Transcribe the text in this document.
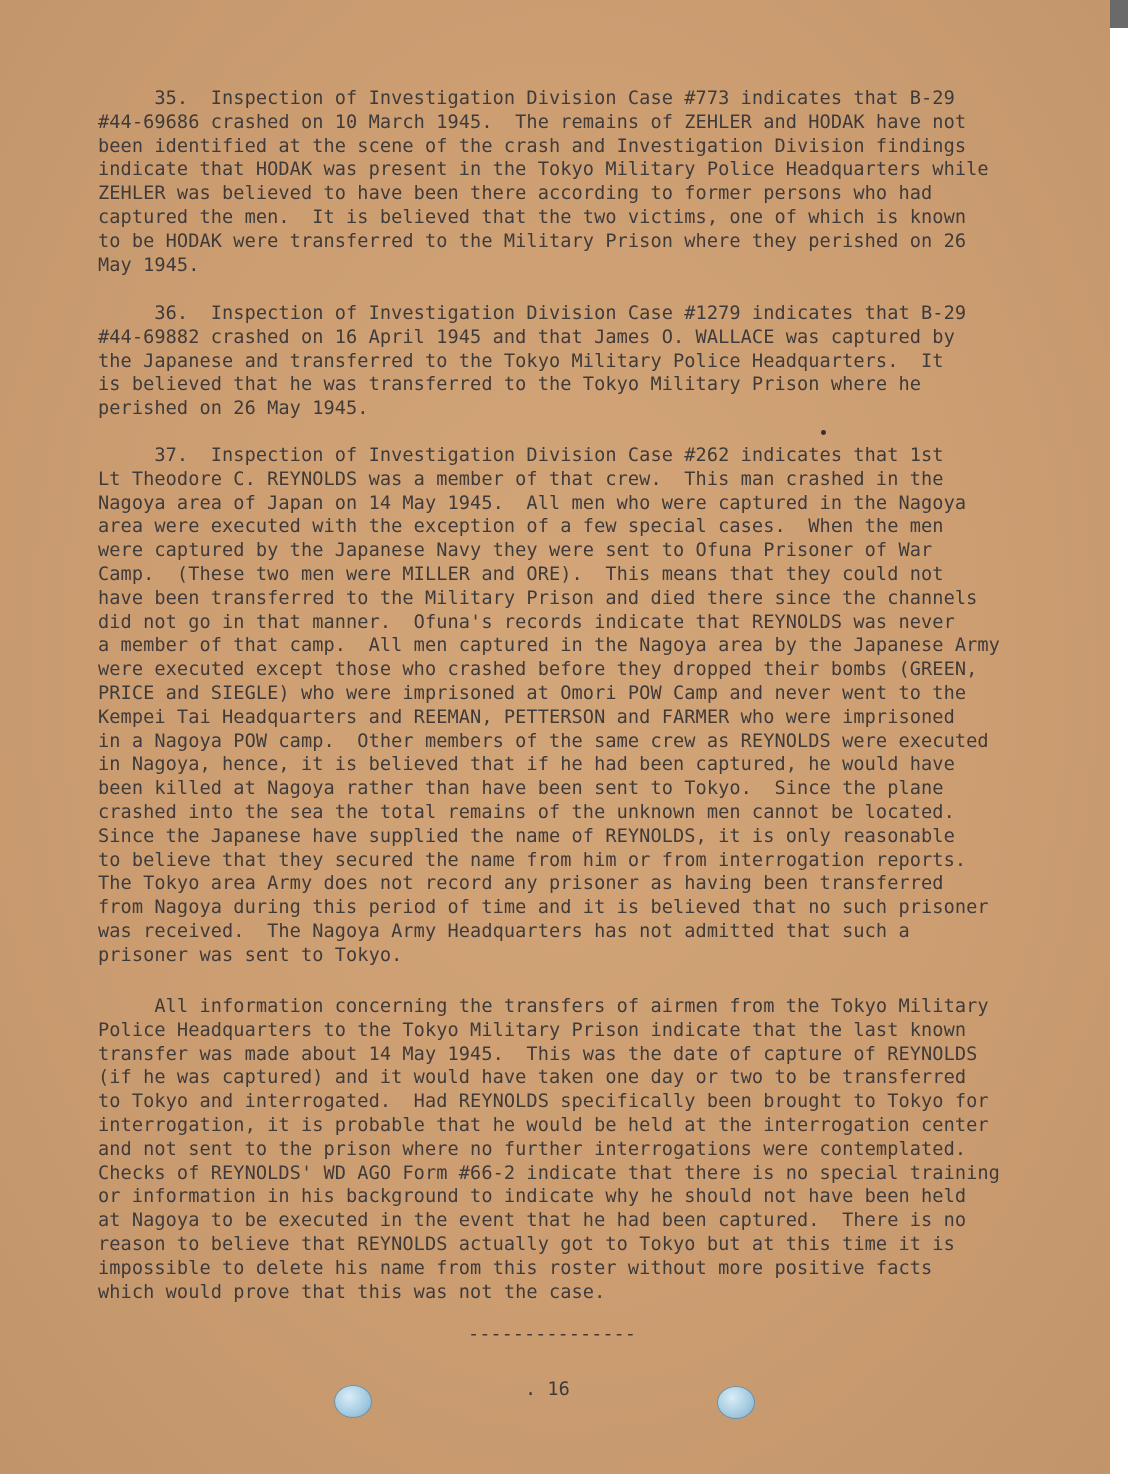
35.  Inspection of Investigation Division Case #773 indicates that B-29
#44-69686 crashed on 10 March 1945.  The remains of ZEHLER and HODAK have not
been identified at the scene of the crash and Investigation Division findings
indicate that HODAK was present in the Tokyo Military Police Headquarters while
ZEHLER was believed to have been there according to former persons who had
captured the men.  It is believed that the two victims, one of which is known
to be HODAK were transferred to the Military Prison where they perished on 26
May 1945.
36.  Inspection of Investigation Division Case #1279 indicates that B-29
#44-69882 crashed on 16 April 1945 and that James O. WALLACE was captured by
the Japanese and transferred to the Tokyo Military Police Headquarters.  It
is believed that he was transferred to the Tokyo Military Prison where he
perished on 26 May 1945.
37.  Inspection of Investigation Division Case #262 indicates that 1st
Lt Theodore C. REYNOLDS was a member of that crew.  This man crashed in the
Nagoya area of Japan on 14 May 1945.  All men who were captured in the Nagoya
area were executed with the exception of a few special cases.  When the men
were captured by the Japanese Navy they were sent to Ofuna Prisoner of War
Camp.  (These two men were MILLER and ORE).  This means that they could not
have been transferred to the Military Prison and died there since the channels
did not go in that manner.  Ofuna's records indicate that REYNOLDS was never
a member of that camp.  All men captured in the Nagoya area by the Japanese Army
were executed except those who crashed before they dropped their bombs (GREEN,
PRICE and SIEGLE) who were imprisoned at Omori POW Camp and never went to the
Kempei Tai Headquarters and REEMAN, PETTERSON and FARMER who were imprisoned
in a Nagoya POW camp.  Other members of the same crew as REYNOLDS were executed
in Nagoya, hence, it is believed that if he had been captured, he would have
been killed at Nagoya rather than have been sent to Tokyo.  Since the plane
crashed into the sea the total remains of the unknown men cannot be located.
Since the Japanese have supplied the name of REYNOLDS, it is only reasonable
to believe that they secured the name from him or from interrogation reports.
The Tokyo area Army does not record any prisoner as having been transferred
from Nagoya during this period of time and it is believed that no such prisoner
was received.  The Nagoya Army Headquarters has not admitted that such a
prisoner was sent to Tokyo.
All information concerning the transfers of airmen from the Tokyo Military
Police Headquarters to the Tokyo Military Prison indicate that the last known
transfer was made about 14 May 1945.  This was the date of capture of REYNOLDS
(if he was captured) and it would have taken one day or two to be transferred
to Tokyo and interrogated.  Had REYNOLDS specifically been brought to Tokyo for
interrogation, it is probable that he would be held at the interrogation center
and not sent to the prison where no further interrogations were contemplated.
Checks of REYNOLDS' WD AGO Form #66-2 indicate that there is no special training
or information in his background to indicate why he should not have been held
at Nagoya to be executed in the event that he had been captured.  There is no
reason to believe that REYNOLDS actually got to Tokyo but at this time it is
impossible to delete his name from this roster without more positive facts
which would prove that this was not the case.
---------------
. 16
